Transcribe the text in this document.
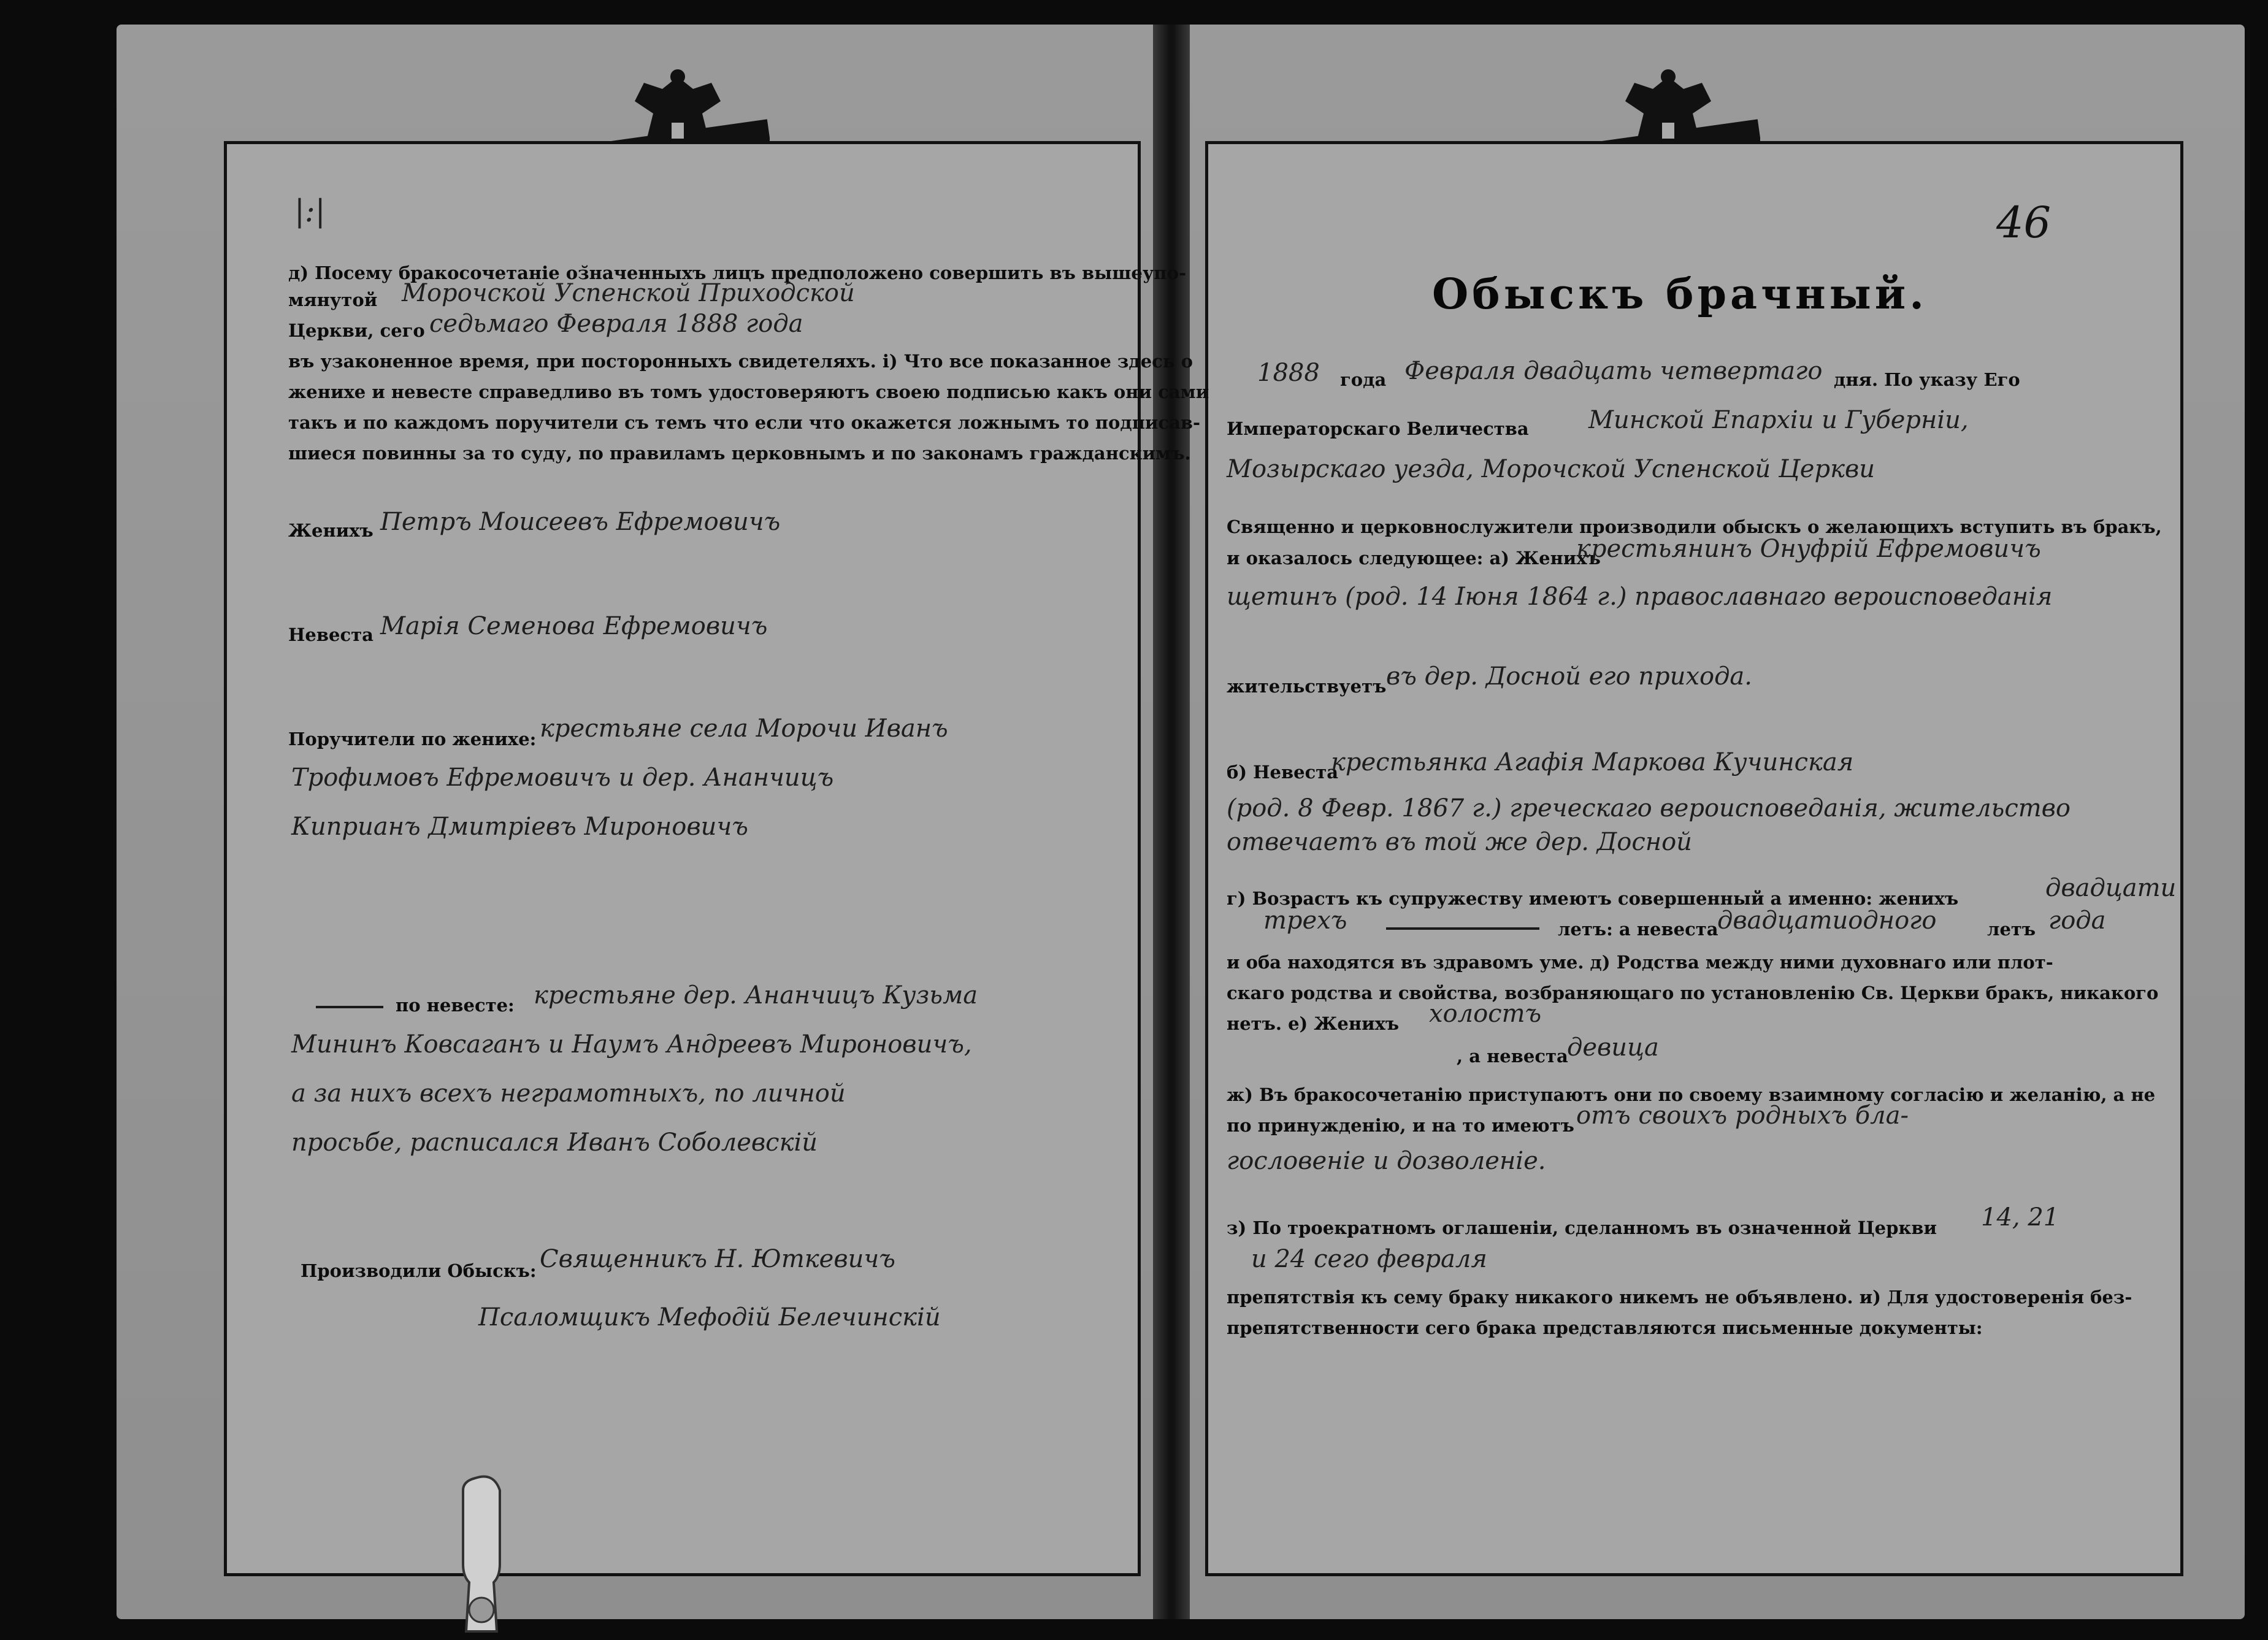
|:|
д) Посему бракосочетанiе оз̆наченныхъ лицъ предположено совершить въ вышеупо-
мянутой Морочской Успенской Приходской
Церкви, сего седьмаго Февраля 1888 года
въ узаконенное время, при посторонныхъ свидетеляхъ. і) Что все показанное здесь о
женихе и невесте справедливо въ томъ удостоверяютъ своею подписью какъ они сами
такъ и по каждомъ поручители съ темъ что если что окажется ложнымъ то подписав-
шиеся повинны за то суду, по правиламъ церковнымъ и по законамъ гражданскимъ.
Женихъ Петръ Моисеевъ Ефремовичъ
Невеста Марiя Семенова Ефремовичъ
Поручители по женихе: крестьяне села Морочи Иванъ
Трофимовъ Ефремовичъ и дер. Ананчицъ
Киприанъ Дмитрiевъ Мироновичъ
по невесте: крестьяне дер. Ананчицъ Кузьма
Мининъ Ковсаганъ и Наумъ Андреевъ Мироновичъ,
а за нихъ всехъ неграмотныхъ, по личной
просьбе, расписался Иванъ Соболевскiй
Производили Обыскъ: Священникъ Н. Юткевичъ
Псаломщикъ Мефодiй Белечинскiй
46
Обыскъ брачный.
1888 года Февраля двадцать четвертаго дня. По указу Его
Императорскаго Величества Минской Епархiи и Губернiи,
Мозырскаго уезда, Морочской Успенской Церкви
Священно и церковнослужители производили обыскъ о желающихъ вступить въ бракъ,
и оказалось следующее: а) Женихъ
крестьянинъ Онуфрiй Ефремовичъ
щетинъ (род. 14 Iюня 1864 г.) православнаго вероисповеданiя
жительствуетъ въ дер. Досной его прихода.
б) Невеста
крестьянка Агафiя Маркова Кучинская
(род. 8 Февр. 1867 г.) греческаго вероисповеданiя, жительство
отвечаетъ въ той же дер. Досной
г) Возрастъ къ супружеству имеютъ совершенный а именно: женихъ	двадцати
трехъ	летъ: а невеста
двадцатиодного	летъ года
и оба находятся въ здравомъ уме. д) Родства между ними духовнаго или плот-
скаго родства и свойства, возбраняющаго по установленiю Св. Церкви бракъ, никакого
нетъ. е) Женихъ холостъ
, а невеста
девица
ж) Въ бракосочетанiю приступаютъ они по своему взаимному согласiю и желанiю, а не
по принужденiю, и на то имеютъ отъ своихъ родныхъ бла-
гословенiе и дозволенiе.
з) По троекратномъ оглашенiи, сделанномъ въ означенной Церкви 14, 21
и 24 сего февраля
препятствiя къ сему браку никакого никемъ не объявлено. и) Для удостоверенiя без-
препятственности сего брака представляются письменные документы:
